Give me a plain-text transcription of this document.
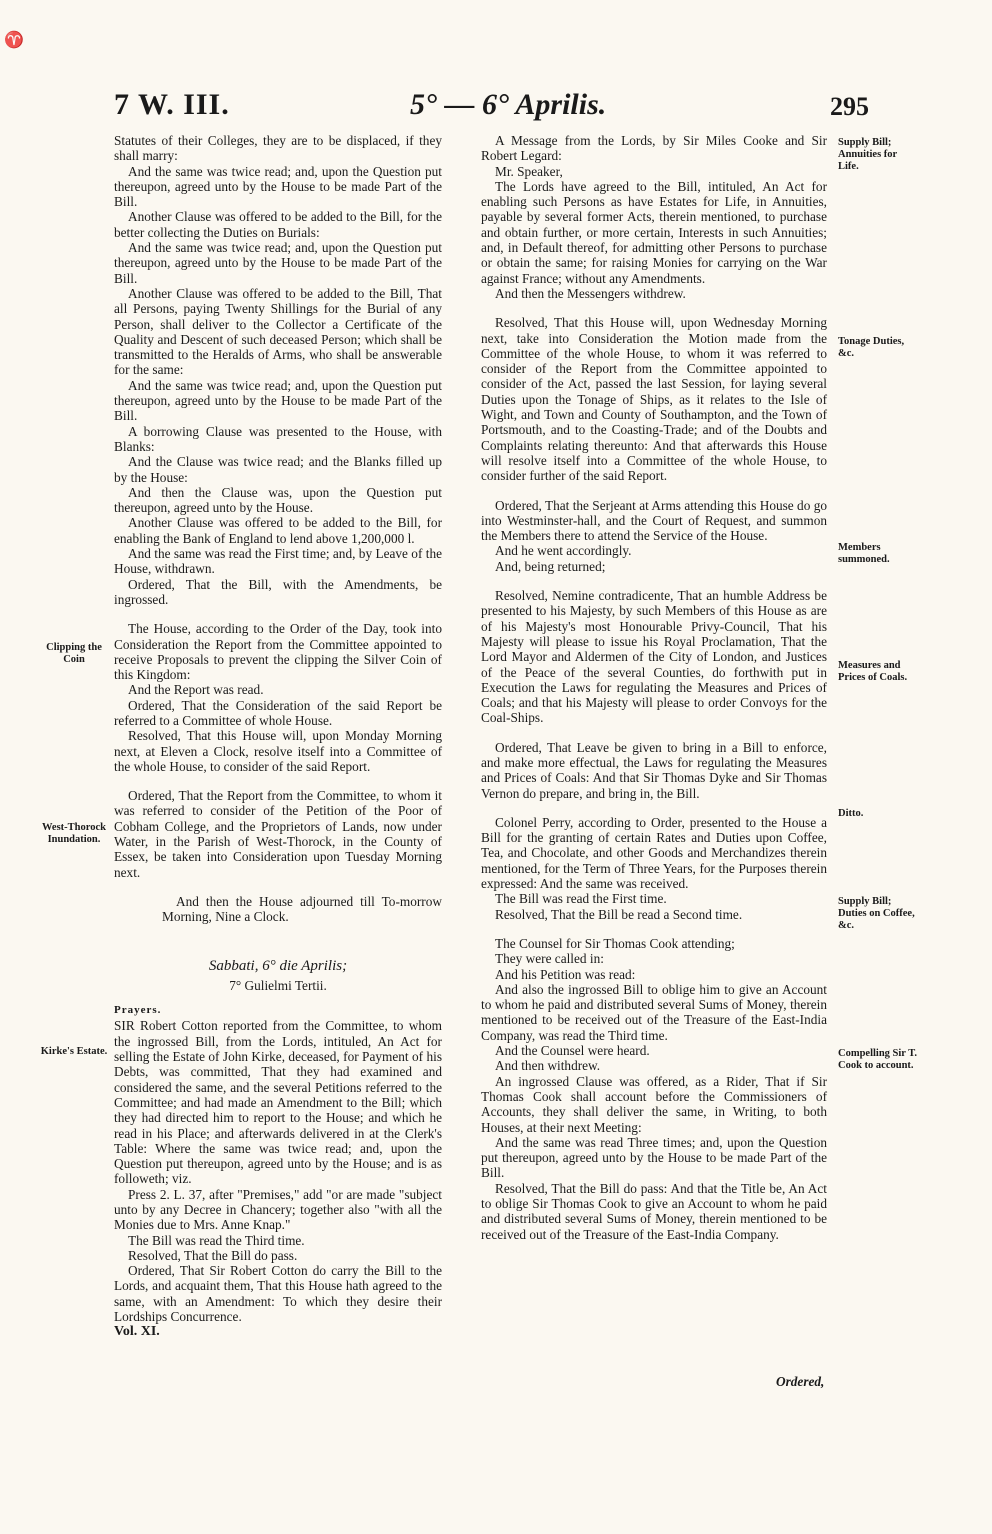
♈
7 W. III.	5° — 6° Aprilis.	295

Statutes of their Colleges, they are to be displaced, if they shall marry:

And the same was twice read; and, upon the Question put thereupon, agreed unto by the House to be made Part of the Bill.

Another Clause was offered to be added to the Bill, for the better collecting the Duties on Burials:

And the same was twice read; and, upon the Question put thereupon, agreed unto by the House to be made Part of the Bill.

Another Clause was offered to be added to the Bill, That all Persons, paying Twenty Shillings for the Burial of any Person, shall deliver to the Collector a Certificate of the Quality and Descent of such deceased Person; which shall be transmitted to the Heralds of Arms, who shall be answerable for the same:

And the same was twice read; and, upon the Question put thereupon, agreed unto by the House to be made Part of the Bill.

A borrowing Clause was presented to the House, with Blanks:

And the Clause was twice read; and the Blanks filled up by the House:

And then the Clause was, upon the Question put thereupon, agreed unto by the House.

Another Clause was offered to be added to the Bill, for enabling the Bank of England to lend above 1,200,000 l.

And the same was read the First time; and, by Leave of the House, withdrawn.

Ordered, That the Bill, with the Amendments, be ingrossed.

The House, according to the Order of the Day, took into Consideration the Report from the Committee appointed to receive Proposals to prevent the clipping the Silver Coin of this Kingdom:

And the Report was read.

Ordered, That the Consideration of the said Report be referred to a Committee of whole House.

Resolved, That this House will, upon Monday Morning next, at Eleven a Clock, resolve itself into a Committee of the whole House, to consider of the said Report.

Ordered, That the Report from the Committee, to whom it was referred to consider of the Petition of the Poor of Cobham College, and the Proprietors of Lands, now under Water, in the Parish of West-Thorock, in the County of Essex, be taken into Consideration upon Tuesday Morning next.

And then the House adjourned till To-morrow Morning, Nine a Clock.

Sabbati, 6° die Aprilis;

7° Gulielmi Tertii.

Prayers.

SIR Robert Cotton reported from the Committee, to whom the ingrossed Bill, from the Lords, intituled, An Act for selling the Estate of John Kirke, deceased, for Payment of his Debts, was committed, That they had examined and considered the same, and the several Petitions referred to the Committee; and had made an Amendment to the Bill; which they had directed him to report to the House; and which he read in his Place; and afterwards delivered in at the Clerk's Table: Where the same was twice read; and, upon the Question put thereupon, agreed unto by the House; and is as followeth; viz.

Press 2. L. 37, after "Premises," add "or are made "subject unto by any Decree in Chancery; together also "with all the Monies due to Mrs. Anne Knap."

The Bill was read the Third time.

Resolved, That the Bill do pass.

Ordered, That Sir Robert Cotton do carry the Bill to the Lords, and acquaint them, That this House hath agreed to the same, with an Amendment: To which they desire their Lordships Concurrence.

Vol. XI.

A Message from the Lords, by Sir Miles Cooke and Sir Robert Legard:

Mr. Speaker,

The Lords have agreed to the Bill, intituled, An Act for enabling such Persons as have Estates for Life, in Annuities, payable by several former Acts, therein mentioned, to purchase and obtain further, or more certain, Interests in such Annuities; and, in Default thereof, for admitting other Persons to purchase or obtain the same; for raising Monies for carrying on the War against France; without any Amendments.

And then the Messengers withdrew.

Resolved, That this House will, upon Wednesday Morning next, take into Consideration the Motion made from the Committee of the whole House, to whom it was referred to consider of the Report from the Committee appointed to consider of the Act, passed the last Session, for laying several Duties upon the Tonage of Ships, as it relates to the Isle of Wight, and Town and County of Southampton, and the Town of Portsmouth, and to the Coasting-Trade; and of the Doubts and Complaints relating thereunto: And that afterwards this House will resolve itself into a Committee of the whole House, to consider further of the said Report.

Ordered, That the Serjeant at Arms attending this House do go into Westminster-hall, and the Court of Request, and summon the Members there to attend the Service of the House.

And he went accordingly.

And, being returned;

Resolved, Nemine contradicente, That an humble Address be presented to his Majesty, by such Members of this House as are of his Majesty's most Honourable Privy-Council, That his Majesty will please to issue his Royal Proclamation, That the Lord Mayor and Aldermen of the City of London, and Justices of the Peace of the several Counties, do forthwith put in Execution the Laws for regulating the Measures and Prices of Coals; and that his Majesty will please to order Convoys for the Coal-Ships.

Ordered, That Leave be given to bring in a Bill to enforce, and make more effectual, the Laws for regulating the Measures and Prices of Coals: And that Sir Thomas Dyke and Sir Thomas Vernon do prepare, and bring in, the Bill.

Colonel Perry, according to Order, presented to the House a Bill for the granting of certain Rates and Duties upon Coffee, Tea, and Chocolate, and other Goods and Merchandizes therein mentioned, for the Term of Three Years, for the Purposes therein expressed: And the same was received.

The Bill was read the First time.

Resolved, That the Bill be read a Second time.

The Counsel for Sir Thomas Cook attending;

They were called in:

And his Petition was read:

And also the ingrossed Bill to oblige him to give an Account to whom he paid and distributed several Sums of Money, therein mentioned to be received out of the Treasure of the East-India Company, was read the Third time.

And the Counsel were heard.

And then withdrew.

An ingrossed Clause was offered, as a Rider, That if Sir Thomas Cook shall account before the Commissioners of Accounts, they shall deliver the same, in Writing, to both Houses, at their next Meeting:

And the same was read Three times; and, upon the Question put thereupon, agreed unto by the House to be made Part of the Bill.

Resolved, That the Bill do pass: And that the Title be, An Act to oblige Sir Thomas Cook to give an Account to whom he paid and distributed several Sums of Money, therein mentioned to be received out of the Treasure of the East-India Company.

Ordered,
Clipping the Coin
West-Thorock Inundation.
Kirke's Estate.
Supply Bill; Annuities for Life.
Tonage Duties, &c.
Members summoned.
Measures and Prices of Coals.
Ditto.
Supply Bill; Duties on Coffee, &c.
Compelling Sir T. Cook to account.
